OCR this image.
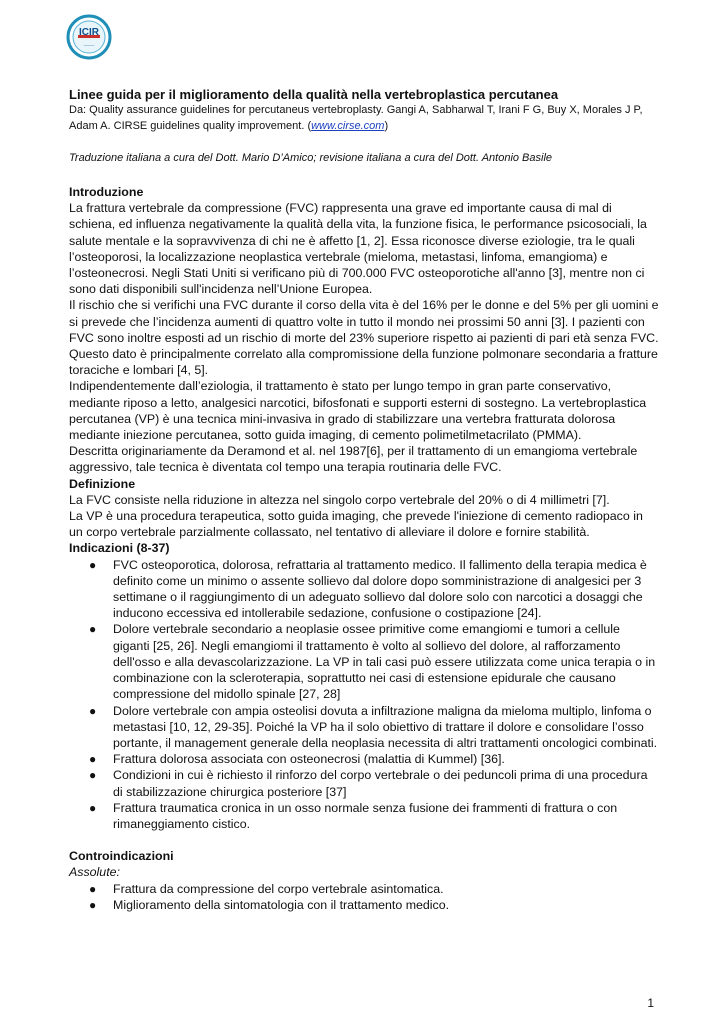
ICIR
———

Linee guida per il miglioramento della qualità nella vertebroplastica percutanea

Da: Quality assurance guidelines for percutaneus vertebroplasty. Gangi A, Sabharwal T, Irani F G, Buy X, Morales J P, Adam A. CIRSE guidelines quality improvement. (www.cirse.com)

Traduzione italiana a cura del Dott. Mario D’Amico; revisione italiana a cura del Dott. Antonio Basile

Introduzione

La frattura vertebrale da compressione (FVC) rappresenta una grave ed importante causa di mal di schiena, ed influenza negativamente la qualità della vita, la funzione fisica, le performance psicosociali, la salute mentale e la sopravvivenza di chi ne è affetto [1, 2]. Essa riconosce diverse eziologie, tra le quali l’osteoporosi, la localizzazione neoplastica vertebrale (mieloma, metastasi, linfoma, emangioma) e l’osteonecrosi. Negli Stati Uniti si verificano più di 700.000 FVC osteoporotiche all'anno [3], mentre non ci sono dati disponibili sull'incidenza nell’Unione Europea.

Il rischio che si verifichi una FVC durante il corso della vita è del 16% per le donne e del 5% per gli uomini e si prevede che l’incidenza aumenti di quattro volte in tutto il mondo nei prossimi 50 anni [3]. I pazienti con FVC sono inoltre esposti ad un rischio di morte del 23% superiore rispetto ai pazienti di pari età senza FVC. Questo dato è principalmente correlato alla compromissione della funzione polmonare secondaria a fratture toraciche e lombari [4, 5].

Indipendentemente dall’eziologia, il trattamento è stato per lungo tempo in gran parte conservativo, mediante riposo a letto, analgesici narcotici, bifosfonati e supporti esterni di sostegno. La vertebroplastica percutanea (VP) è una tecnica mini-invasiva in grado di stabilizzare una vertebra fratturata dolorosa mediante iniezione percutanea, sotto guida imaging, di cemento polimetilmetacrilato (PMMA).

Descritta originariamente da Deramond et al. nel 1987[6], per il trattamento di un emangioma vertebrale aggressivo, tale tecnica è diventata col tempo una terapia routinaria delle FVC.

Definizione

La FVC consiste nella riduzione in altezza nel singolo corpo vertebrale del 20% o di 4 millimetri [7].

La VP è una procedura terapeutica, sotto guida imaging, che prevede l'iniezione di cemento radiopaco in un corpo vertebrale parzialmente collassato, nel tentativo di alleviare il dolore e fornire stabilità.

Indicazioni (8-37)

● FVC osteoporotica, dolorosa, refrattaria al trattamento medico. Il fallimento della terapia medica è definito come un minimo o assente sollievo dal dolore dopo somministrazione di analgesici per 3 settimane o il raggiungimento di un adeguato sollievo dal dolore solo con narcotici a dosaggi che inducono eccessiva ed intollerabile sedazione, confusione o costipazione [24].
● Dolore vertebrale secondario a neoplasie ossee primitive come emangiomi e tumori a cellule giganti [25, 26]. Negli emangiomi il trattamento è volto al sollievo del dolore, al rafforzamento dell'osso e alla devascolarizzazione. La VP in tali casi può essere utilizzata come unica terapia o in combinazione con la scleroterapia, soprattutto nei casi di estensione epidurale che causano compressione del midollo spinale [27, 28]
● Dolore vertebrale con ampia osteolisi dovuta a infiltrazione maligna da mieloma multiplo, linfoma o metastasi [10, 12, 29-35]. Poiché la VP ha il solo obiettivo di trattare il dolore e consolidare l’osso portante, il management generale della neoplasia necessita di altri trattamenti oncologici combinati.
● Frattura dolorosa associata con osteonecrosi (malattia di Kummel) [36].
● Condizioni in cui è richiesto il rinforzo del corpo vertebrale o dei peduncoli prima di una procedura di stabilizzazione chirurgica posteriore [37]
● Frattura traumatica cronica in un osso normale senza fusione dei frammenti di frattura o con rimaneggiamento cistico.

Controindicazioni

Assolute:

● Frattura da compressione del corpo vertebrale asintomatica.
● Miglioramento della sintomatologia con il trattamento medico.
1
